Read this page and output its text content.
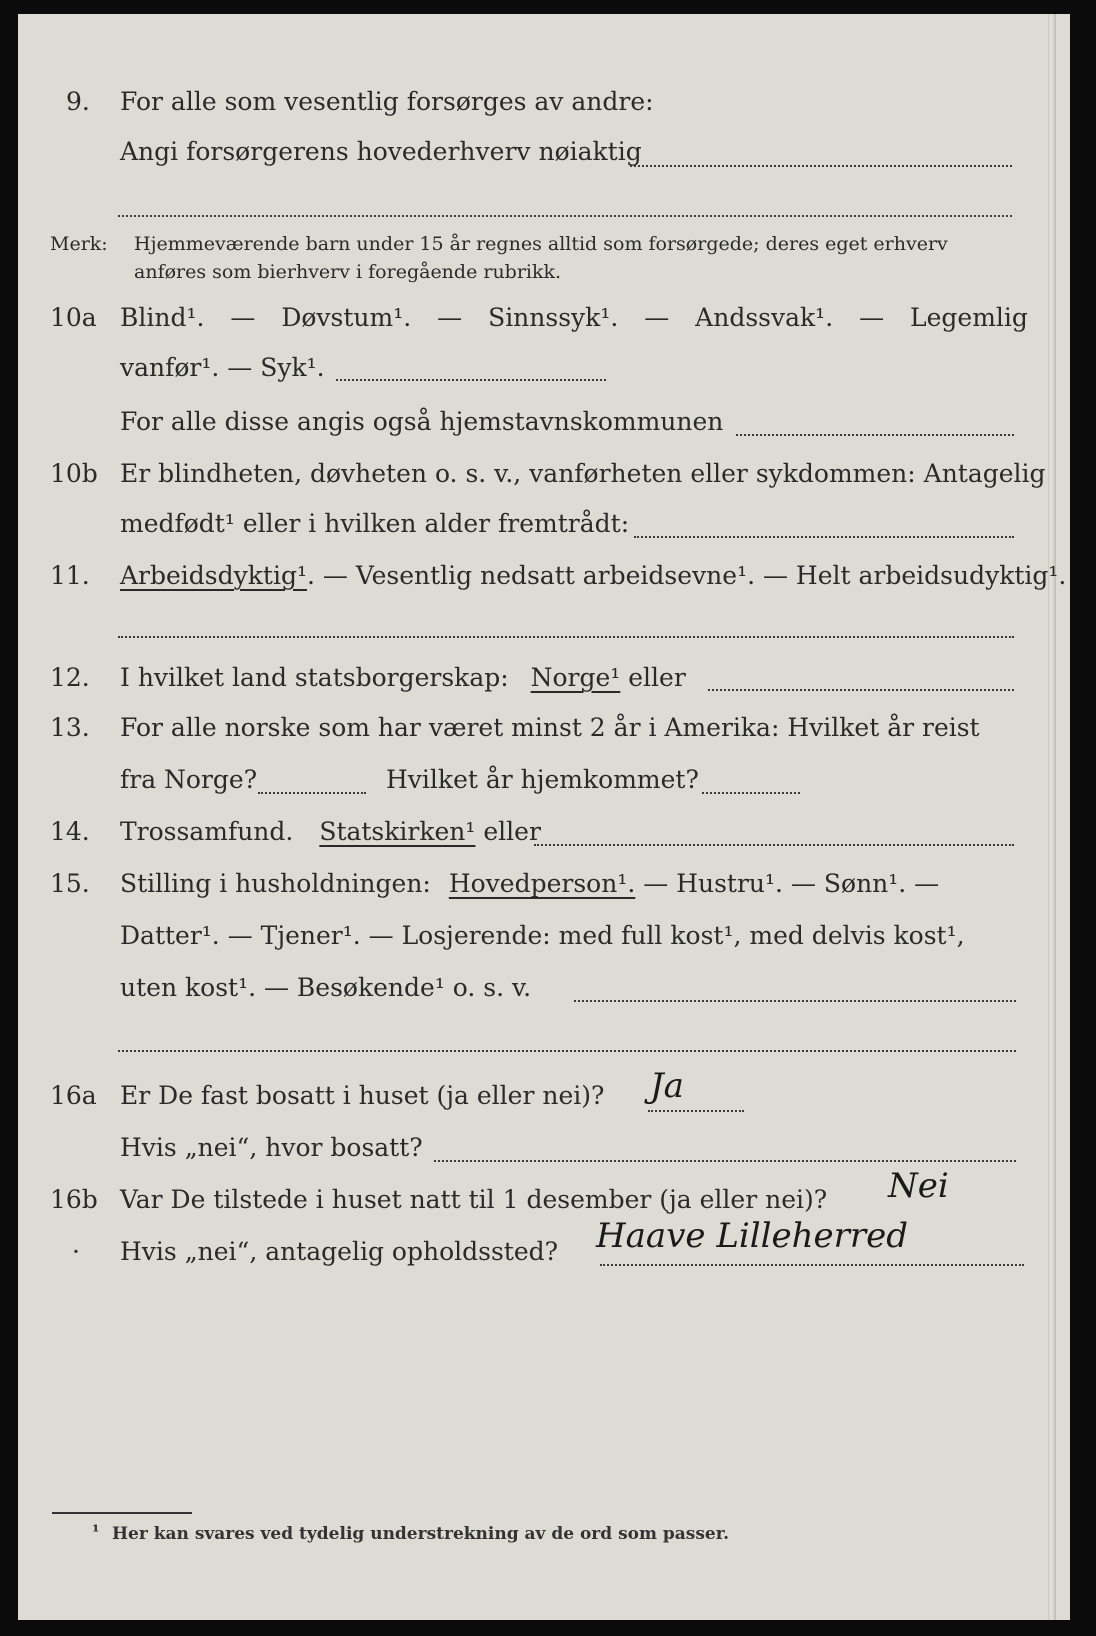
9. For alle som vesentlig forsørges av andre:
Angi forsørgerens hovederhverv nøiaktig
Merk: Hjemmeværende barn under 15 år regnes alltid som forsørgede; deres eget erhverv
anføres som bierhverv i foregående rubrikk.
10a Blind¹. — Døvstum¹. — Sinnssyk¹. — Andssvak¹. — Legemlig
vanfør¹. — Syk¹.
For alle disse angis også hjemstavnskommunen
10b Er blindheten, døvheten o. s. v., vanførheten eller sykdommen: Antagelig
medfødt¹ eller i hvilken alder fremtrådt:
11. Arbeidsdyktig¹. — Vesentlig nedsatt arbeidsevne¹. — Helt arbeidsudyktig¹.
12. I hvilket land statsborgerskap: Norge¹ eller
13. For alle norske som har været minst 2 år i Amerika: Hvilket år reist
fra Norge?	Hvilket år hjemkommet?
14. Trossamfund. Statskirken¹ eller
15. Stilling i husholdningen: Hovedperson¹. — Hustru¹. — Sønn¹. —
Datter¹. — Tjener¹. — Losjerende: med full kost¹, med delvis kost¹,
uten kost¹. — Besøkende¹ o. s. v.
16a Er De fast bosatt i huset (ja eller nei)? Ja
Hvis „nei“, hvor bosatt?
16b Var De tilstede i huset natt til 1 desember (ja eller nei)? Nei
· Hvis „nei“, antagelig opholdssted? Haave Lilleherred
¹ Her kan svares ved tydelig understrekning av de ord som passer.
